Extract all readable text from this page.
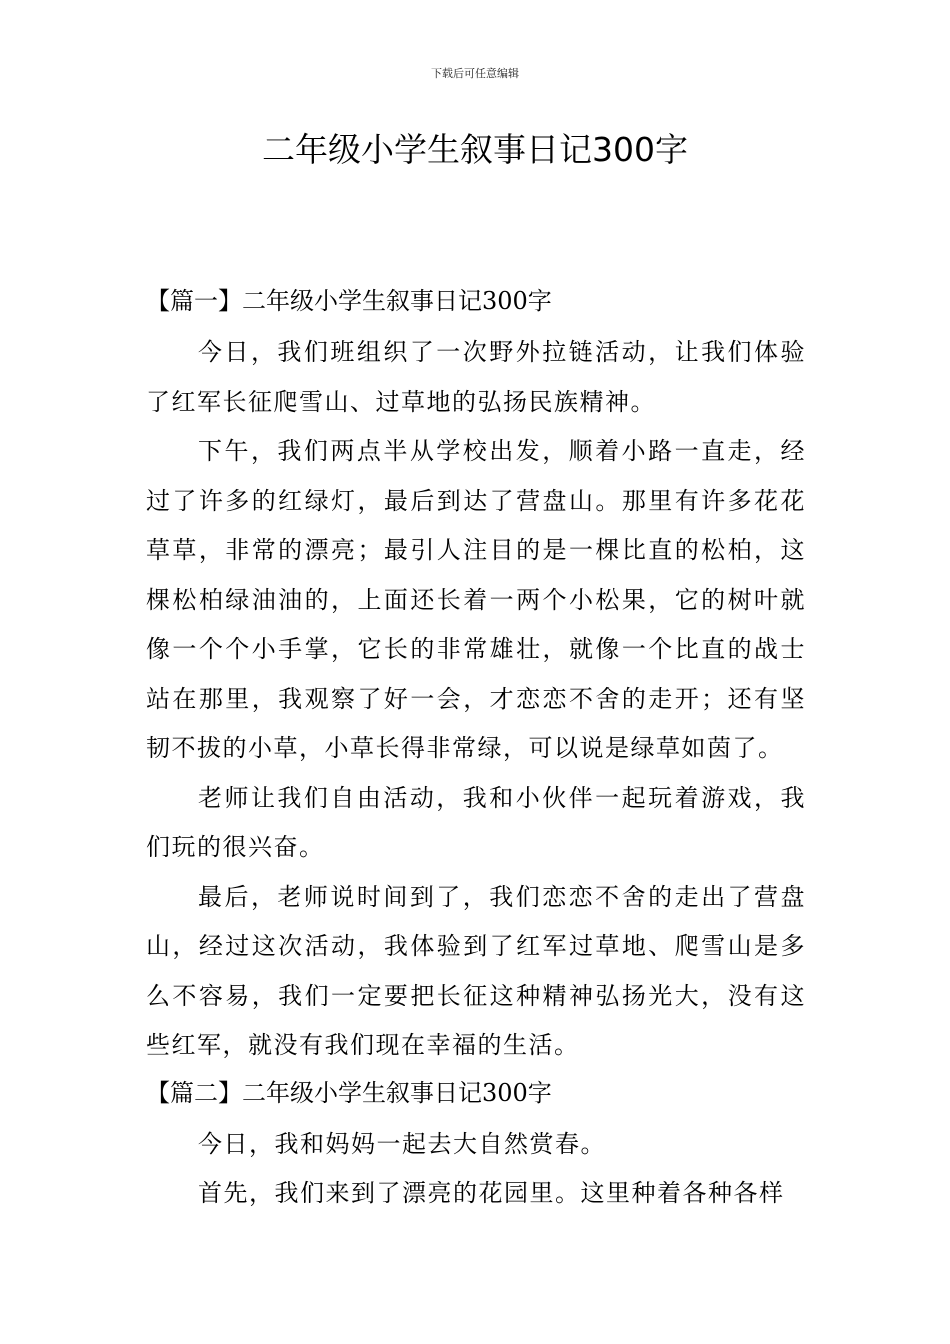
下载后可任意编辑
二年级小学生叙事日记300字
【篇一】二年级小学生叙事日记300字

今日，我们班组织了一次野外拉链活动，让我们体验了红军长征爬雪山、过草地的弘扬民族精神。

下午，我们两点半从学校出发，顺着小路一直走，经过了许多的红绿灯，最后到达了营盘山。那里有许多花花草草，非常的漂亮；最引人注目的是一棵比直的松柏，这棵松柏绿油油的，上面还长着一两个小松果，它的树叶就像一个个小手掌，它长的非常雄壮，就像一个比直的战士站在那里，我观察了好一会，才恋恋不舍的走开；还有坚韧不拔的小草，小草长得非常绿，可以说是绿草如茵了。

老师让我们自由活动，我和小伙伴一起玩着游戏，我们玩的很兴奋。

最后，老师说时间到了，我们恋恋不舍的走出了营盘山，经过这次活动，我体验到了红军过草地、爬雪山是多么不容易，我们一定要把长征这种精神弘扬光大，没有这些红军，就没有我们现在幸福的生活。

【篇二】二年级小学生叙事日记300字

今日，我和妈妈一起去大自然赏春。

首先，我们来到了漂亮的花园里。这里种着各种各样
